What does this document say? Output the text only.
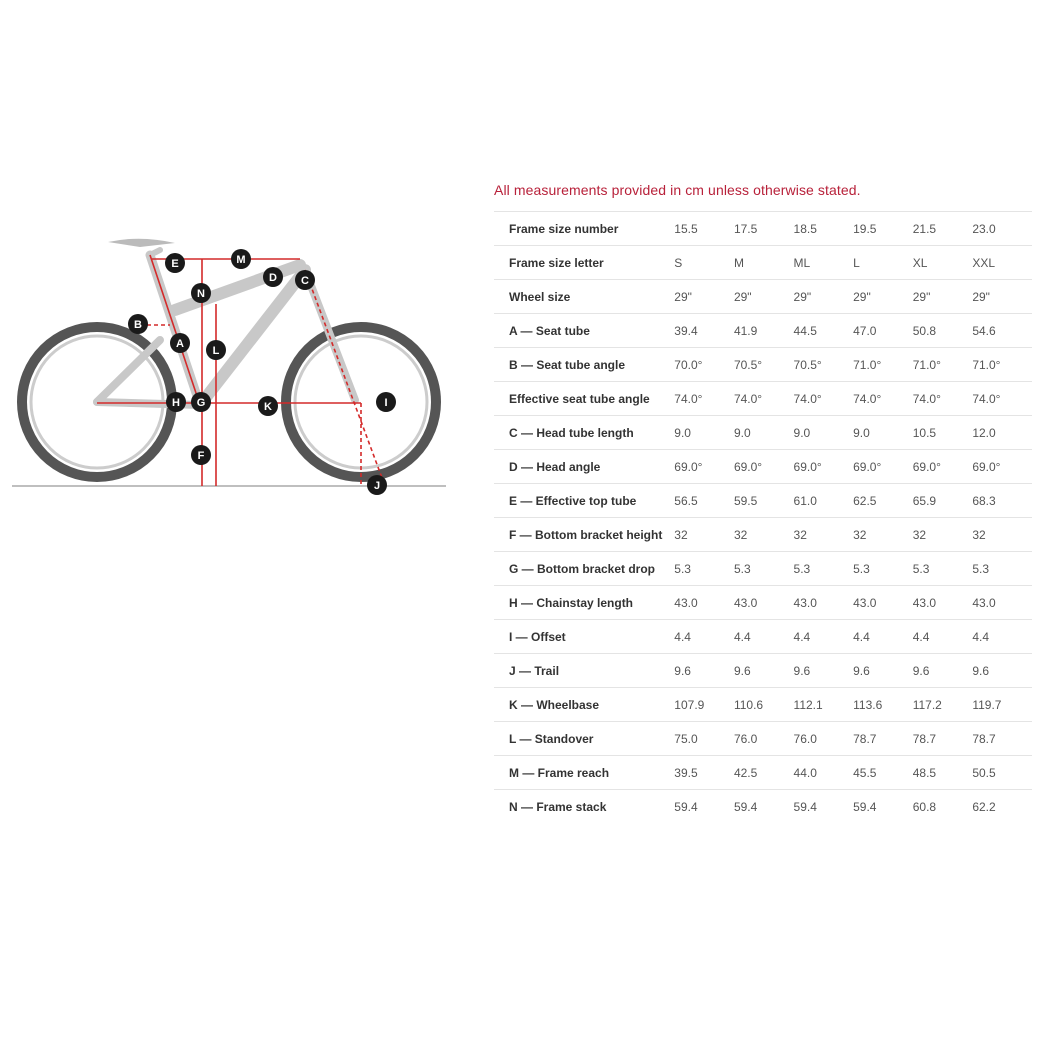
E	M
D C
N
B
A
L
H G	K	I
F
J
All measurements provided in cm unless otherwise stated.
Frame size number	15.5	17.5	18.5	19.5	21.5	23.0
Frame size letter	S	M	ML	L	XL	XXL
Wheel size	29"	29"	29"	29"	29"	29"
A — Seat tube	39.4	41.9	44.5	47.0	50.8	54.6
B — Seat tube angle	70.0°	70.5°	70.5°	71.0°	71.0°	71.0°
Effective seat tube angle	74.0°	74.0°	74.0°	74.0°	74.0°	74.0°
C — Head tube length	9.0	9.0	9.0	9.0	10.5	12.0
D — Head angle	69.0°	69.0°	69.0°	69.0°	69.0°	69.0°
E — Effective top tube	56.5	59.5	61.0	62.5	65.9	68.3
F — Bottom bracket height	32	32	32	32	32	32
G — Bottom bracket drop	5.3	5.3	5.3	5.3	5.3	5.3
H — Chainstay length	43.0	43.0	43.0	43.0	43.0	43.0
I — Offset	4.4	4.4	4.4	4.4	4.4	4.4
J — Trail	9.6	9.6	9.6	9.6	9.6	9.6
K — Wheelbase	107.9	110.6	112.1	113.6	117.2	119.7
L — Standover	75.0	76.0	76.0	78.7	78.7	78.7
M — Frame reach	39.5	42.5	44.0	45.5	48.5	50.5
N — Frame stack	59.4	59.4	59.4	59.4	60.8	62.2
